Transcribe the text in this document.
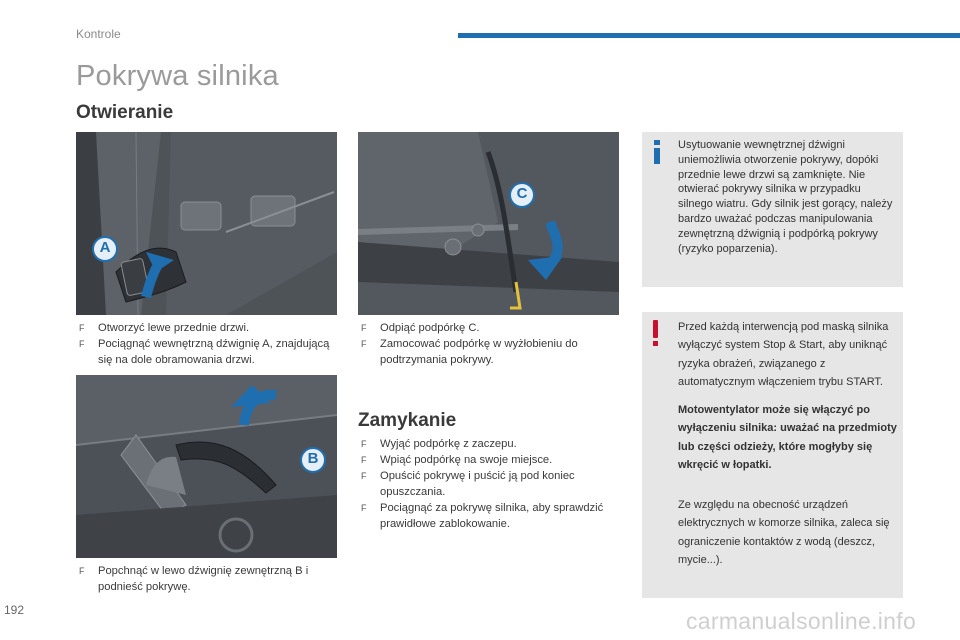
Kontrole
Pokrywa silnika
Otwieranie
A
C
F Otworzyć lewe przednie drzwi.
F Pociągnąć wewnętrzną dźwignię A, znajdującą się na dole obramowania drzwi.
F Odpiąć podpórkę C.
F Zamocować podpórkę w wyżłobieniu do podtrzymania pokrywy.
B
Zamykanie
F Wyjąć podpórkę z zaczepu.
F Wpiąć podpórkę na swoje miejsce.
F Opuścić pokrywę i puścić ją pod koniec opuszczania.
F Pociągnąć za pokrywę silnika, aby sprawdzić prawidłowe zablokowanie.
F Popchnąć w lewo dźwignię zewnętrzną B i podnieść pokrywę.

Usytuowanie wewnętrznej dźwigni uniemożliwia otworzenie pokrywy, dopóki przednie lewe drzwi są zamknięte. Nie otwierać pokrywy silnika w przypadku silnego wiatru. Gdy silnik jest gorący, należy bardzo uważać podczas manipulowania zewnętrzną dźwignią i podpórką pokrywy (ryzyko poparzenia).

Przed każdą interwencją pod maską silnika wyłączyć system Stop & Start, aby uniknąć ryzyka obrażeń, związanego z automatycznym włączeniem trybu START.

Motowentylator może się włączyć po wyłączeniu silnika: uważać na przedmioty lub części odzieży, które mogłyby się wkręcić w łopatki.

Ze względu na obecność urządzeń elektrycznych w komorze silnika, zaleca się ograniczenie kontaktów z wodą (deszcz, mycie...).

192	carmanualsonline.info
